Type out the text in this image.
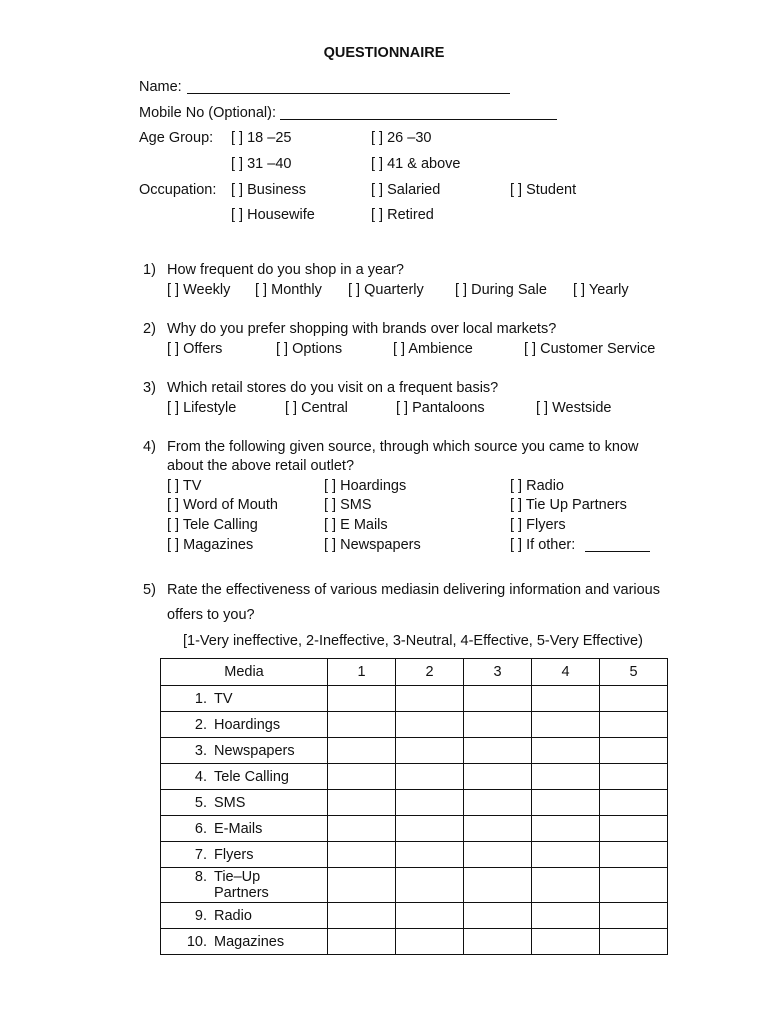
QUESTIONNAIRE
Name:
Mobile No (Optional):
Age Group: [ ] 18 –25	[ ] 26 –30
[ ] 31 –40	[ ] 41 & above
Occupation: [ ] Business	[ ] Salaried	[ ] Student
[ ] Housewife	[ ] Retired
1) How frequent do you shop in a year?
[ ] Weekly [ ] Monthly [ ] Quarterly [ ] During Sale [ ] Yearly
2) Why do you prefer shopping with brands over local markets?
[ ] Offers	[ ] Options	[ ] Ambience	[ ] Customer Service
3) Which retail stores do you visit on a frequent basis?
[ ] Lifestyle	[ ] Central	[ ] Pantaloons	[ ] Westside
4) From the following given source, through which source you came to know
about the above retail outlet?
[ ] TV	[ ] Hoardings	[ ] Radio
[ ] Word of Mouth	[ ] SMS	[ ] Tie Up Partners
[ ] Tele Calling	[ ] E Mails	[ ] Flyers
[ ] Magazines	[ ] Newspapers	[ ] If other:
5) Rate the effectiveness of various mediasin delivering information and various
offers to you?
[1-Very ineffective, 2-Ineffective, 3-Neutral, 4-Effective, 5-Very Effective)
Media	1	2	3	4	5
1. TV					
2. Hoardings					
3. Newspapers					
4. Tele Calling					
5. SMS					
6. E-Mails					
7. Flyers					
8. Tie–Up
Partners					
9. Radio					
10. Magazines					
